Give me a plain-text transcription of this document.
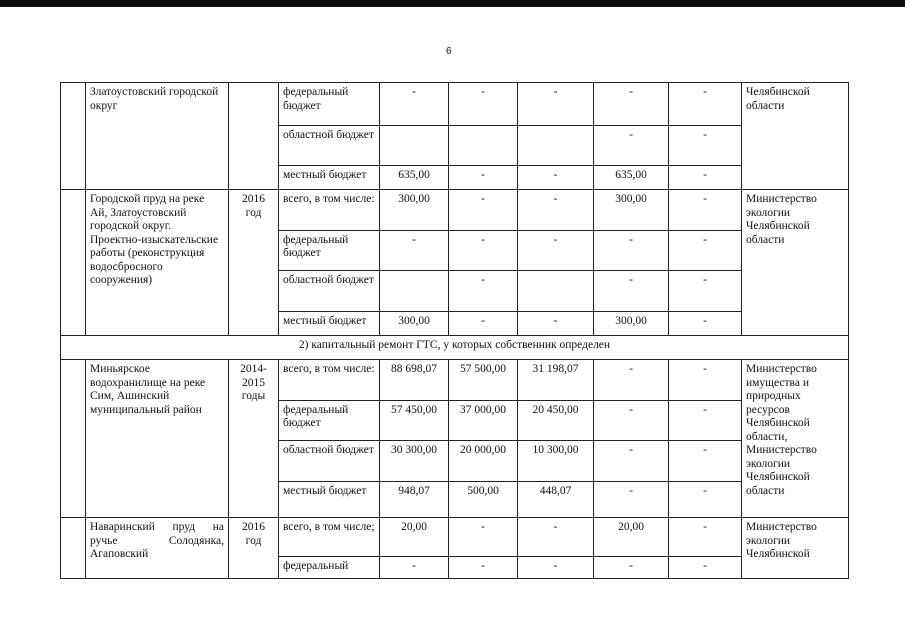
6
	Златоустовский городской округ		федеральный бюджет	-	-	-	-	-	Челябинской области
			областной бюджет				-	-	
			местный бюджет	635,00	-	-	635,00	-	
	Городской пруд на реке Ай, Златоустовский городской округ. Проектно-изыскательские работы (реконструкция водосбросного сооружения)	2016 год	всего, в том числе:	300,00	-	-	300,00	-	Министерство экологии Челябинской области
			федеральный бюджет	-	-	-	-	-	
			областной бюджет		-		-	-	
			местный бюджет	300,00	-	-	300,00	-	
2) капитальный ремонт ГТС, у которых собственник определен									
	Миньярское водохранилище на реке Сим, Ашинский муниципальный район	2014-2015 годы	всего, в том числе:	88 698,07	57 500,00	31 198,07	-	-	Министерство имущества и природных ресурсов Челябинской области, Министерство экологии Челябинской области
			федеральный бюджет	57 450,00	37 000,00	20 450,00	-	-	
			областной бюджет	30 300,00	20 000,00	10 300,00	-	-	
			местный бюджет	948,07	500,00	448,07	-	-	
	Наваринский пруд на ручье Солодянка, Агаповский	2016 год	всего, в том числе;	20,00	-	-	20,00	-	Министерство экологии Челябинской
			федеральный	-	-	-	-	-	
